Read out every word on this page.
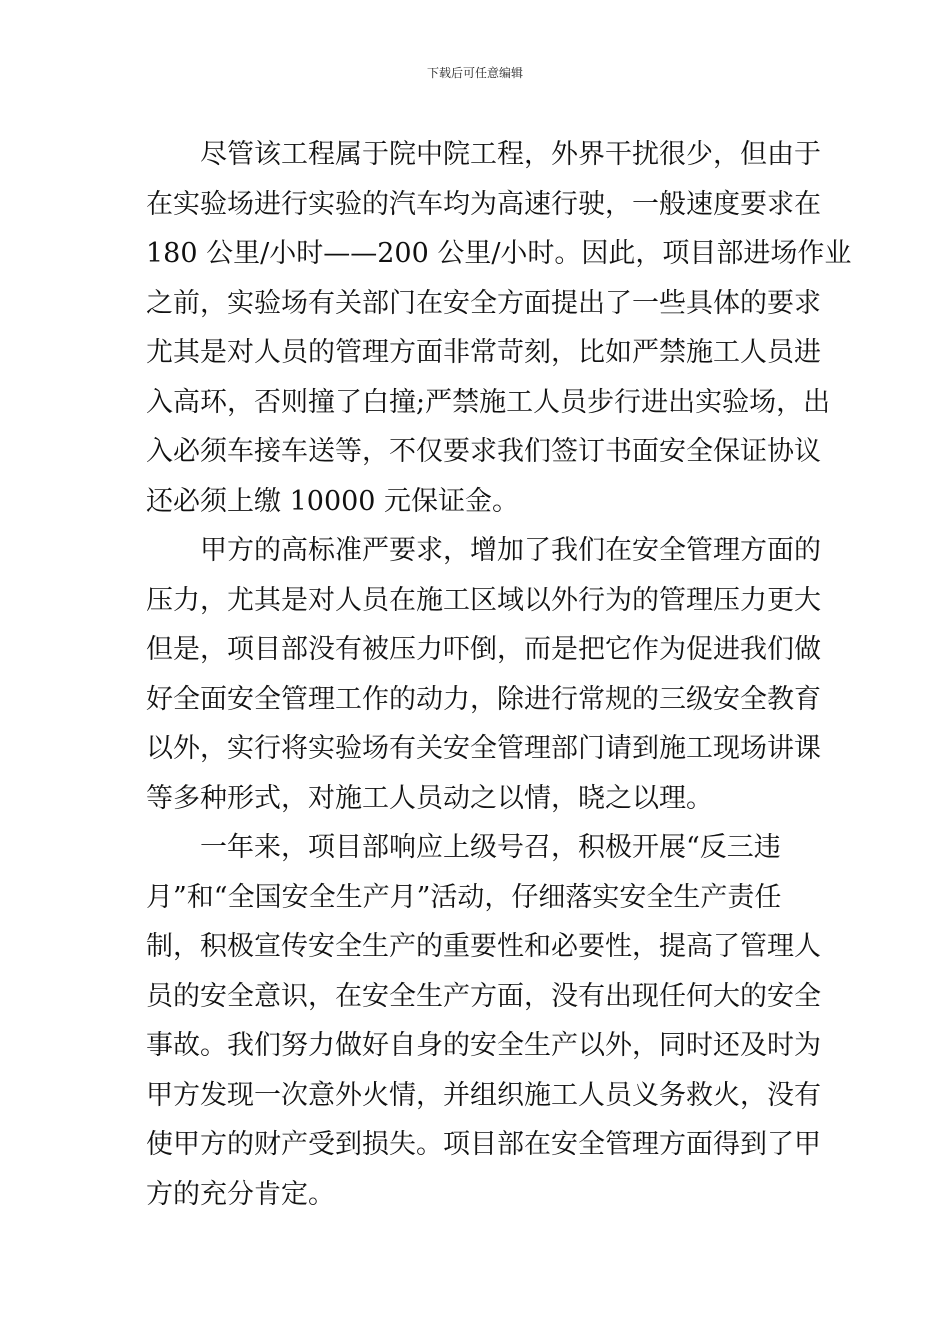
下载后可任意编辑
尽管该工程属于院中院工程，外界干扰很少，但由于
在实验场进行实验的汽车均为高速行驶，一般速度要求在
180 公里/小时——200 公里/小时。因此，项目部进场作业
之前，实验场有关部门在安全方面提出了一些具体的要求
尤其是对人员的管理方面非常苛刻，比如严禁施工人员进
入高环，否则撞了白撞;严禁施工人员步行进出实验场，出
入必须车接车送等，不仅要求我们签订书面安全保证协议
还必须上缴 10000 元保证金。
甲方的高标准严要求，增加了我们在安全管理方面的
压力，尤其是对人员在施工区域以外行为的管理压力更大
但是，项目部没有被压力吓倒，而是把它作为促进我们做
好全面安全管理工作的动力，除进行常规的三级安全教育
以外，实行将实验场有关安全管理部门请到施工现场讲课
等多种形式，对施工人员动之以情，晓之以理。
一年来，项目部响应上级号召，积极开展“反三违
月”和“全国安全生产月”活动，仔细落实安全生产责任
制，积极宣传安全生产的重要性和必要性，提高了管理人
员的安全意识，在安全生产方面，没有出现任何大的安全
事故。我们努力做好自身的安全生产以外，同时还及时为
甲方发现一次意外火情，并组织施工人员义务救火，没有
使甲方的财产受到损失。项目部在安全管理方面得到了甲
方的充分肯定。
